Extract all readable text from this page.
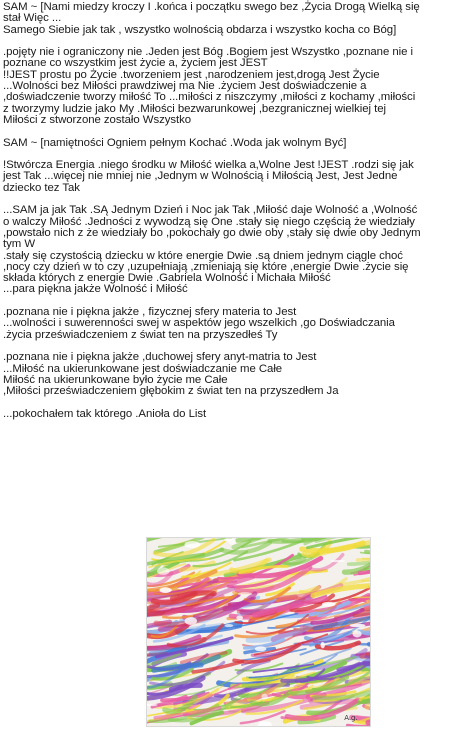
SAM ~ [Nami miedzy kroczy I .końca i początku swego bez ,Życia Drogą Wielką się
stał Więc ...
Samego Siebie jak tak , wszystko wolnością obdarza i wszystko kocha co Bóg]

.pojęty nie i ograniczony nie .Jeden jest Bóg .Bogiem jest Wszystko ,poznane nie i
poznane co wszystkim jest życie a, życiem jest JEST
!!JEST prostu po Życie .tworzeniem jest ,narodzeniem jest,drogą Jest Życie
...Wolności bez Miłości prawdziwej ma Nie .życiem Jest doświadczenie a
,doświadczenie tworzy miłość To ...miłości z niszczymy ,miłości z kochamy ,miłości
z tworzymy ludzie jako My .Miłości bezwarunkowej ,bezgranicznej wielkiej tej
Miłości z stworzone zostało Wszystko

SAM ~ [namiętności Ogniem pełnym Kochać .Woda jak wolnym Być]

!Stwórcza Energia .niego środku w Miłość wielka a,Wolne Jest !JEST .rodzi się jak
jest Tak ...więcej nie mniej nie ,Jednym w Wolnością i Miłością Jest, Jest Jedne
dziecko tez Tak

...SAM ja jak Tak .SĄ Jednym Dzień i Noc jak Tak ,Miłość daje Wolność a ,Wolność
o walczy Miłość .Jedności z wywodzą się One .stały się niego częścią że wiedziały
,powstało nich z że wiedziały bo ,pokochały go dwie oby ,stały się dwie oby Jednym
tym W
.stały się czystością dziecku w które energie Dwie .są dniem jednym ciągle choć
,nocy czy dzień w to czy ,uzupełniają ,zmieniają się które ,energie Dwie .życie się
składa których z energie Dwie .Gabriela Wolność i Michała Miłość
...para piękna jakże Wolność i Miłość

.poznana nie i piękna jakże , fizycznej sfery materia to Jest
...wolności i suwerenności swej w aspektów jego wszelkich ,go Doświadczania
.życia przeświadczeniem z świat ten na przyszedłeś Ty

.poznana nie i piękna jakże ,duchowej sfery anyt-matria to Jest
...Miłość na ukierunkowane jest doświadczanie me Całe
Miłość na ukierunkowane było życie me Całe
,Miłości przeświadczeniem głębokim z świat ten na przyszedłem Ja

...pokochałem tak którego .Anioła do List

A.g.
